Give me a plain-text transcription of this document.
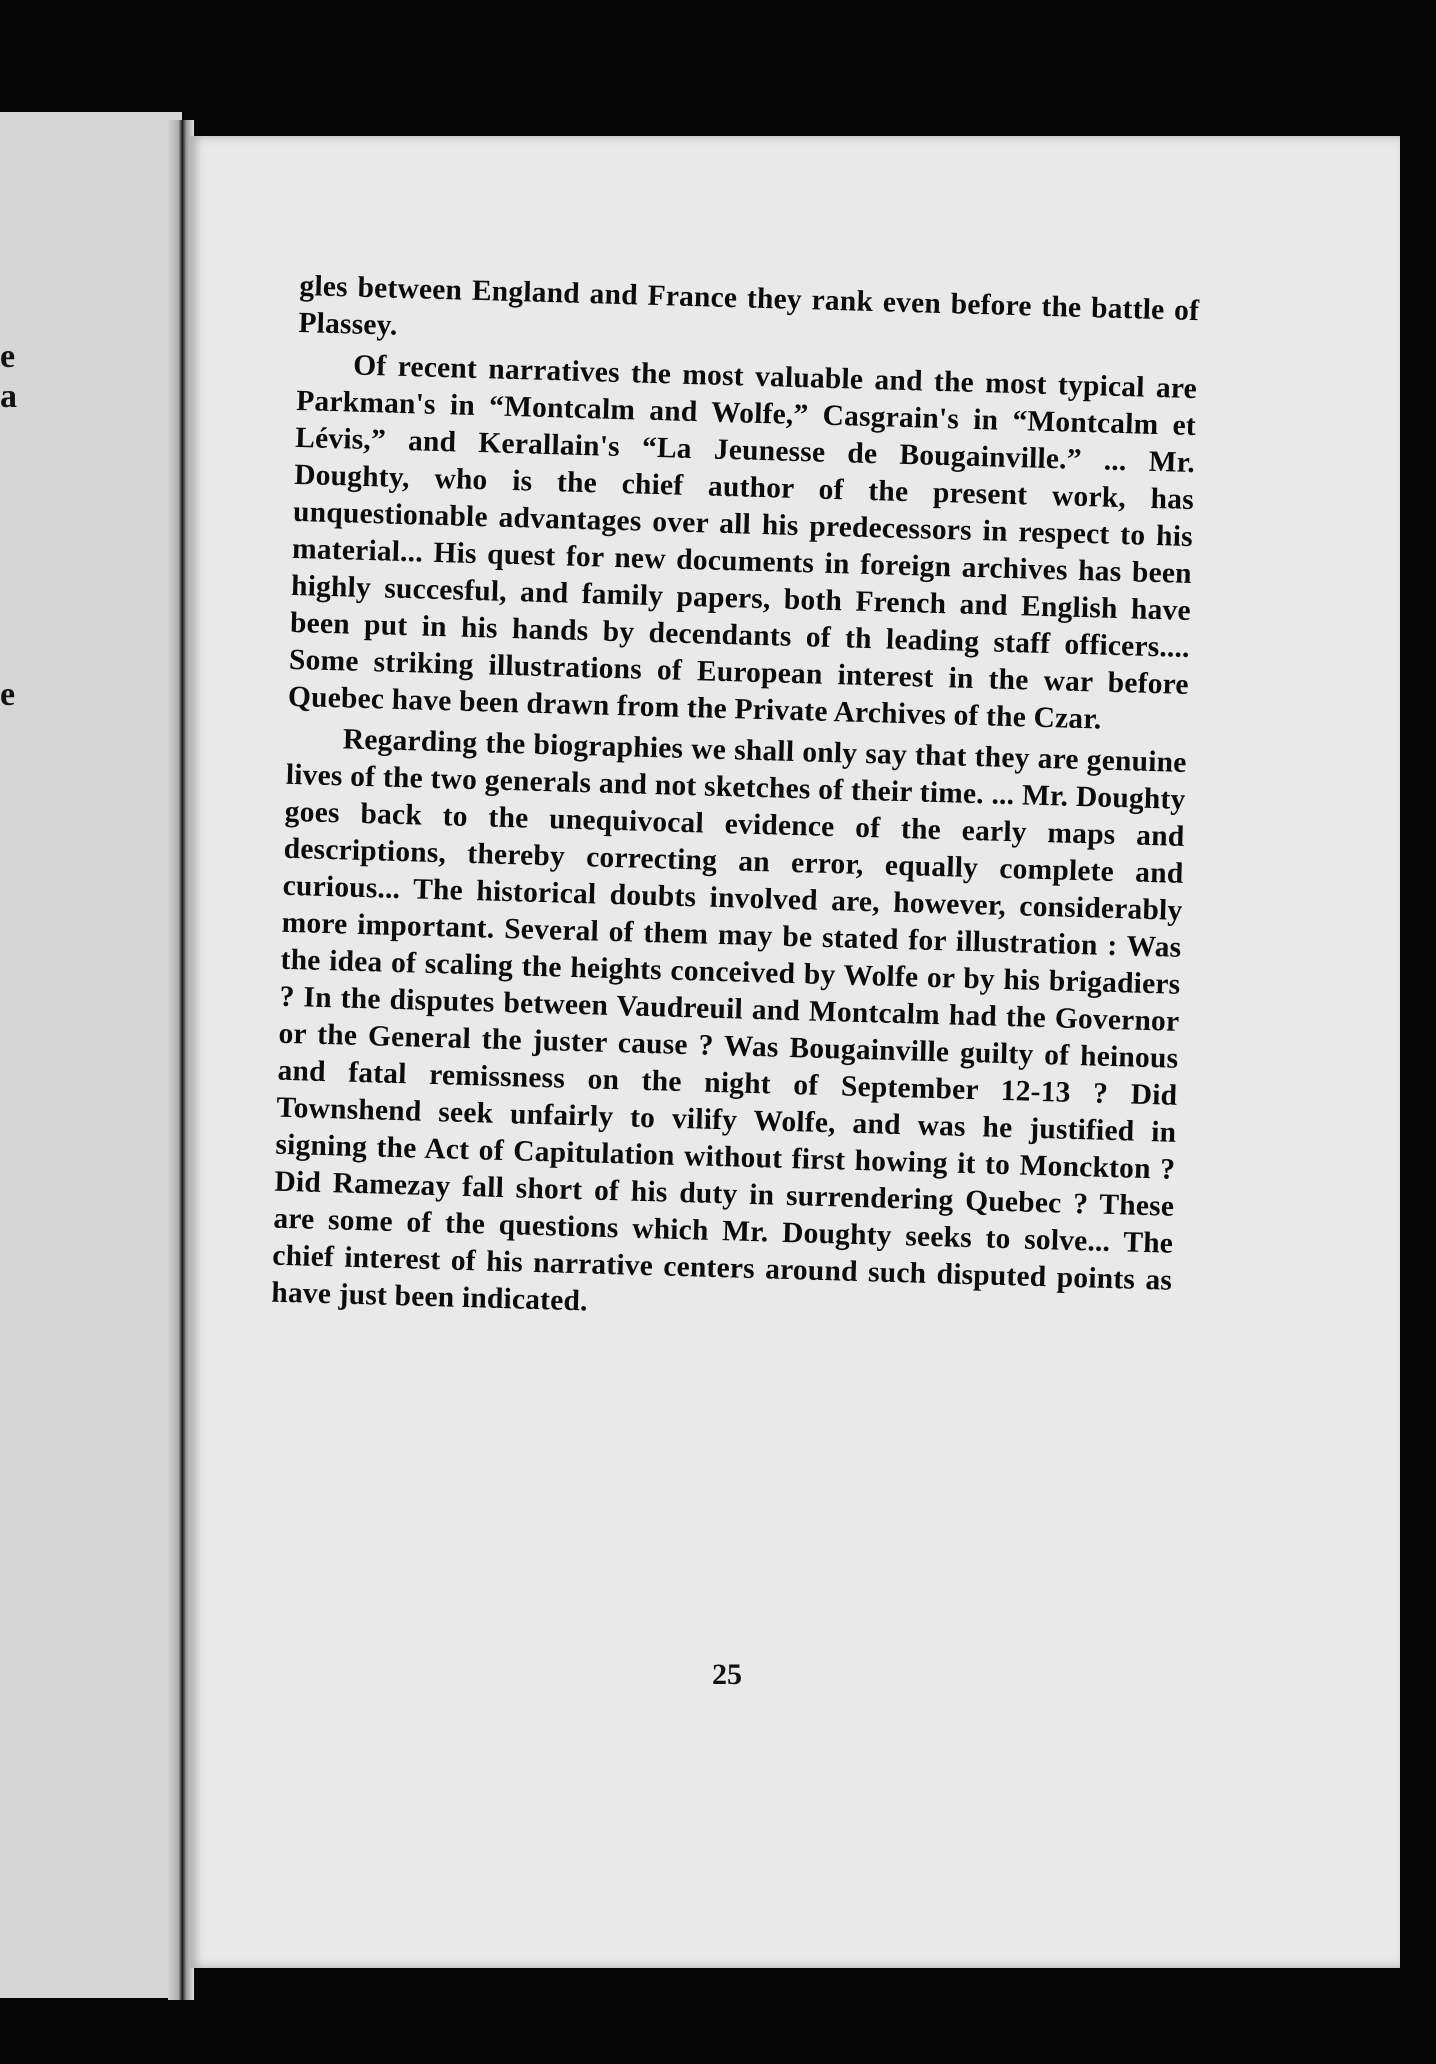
e
a
e

gles between England and France they rank even before the battle of Plassey.

Of recent narratives the most valuable and the most typical are Parkman's in “Montcalm and Wolfe,” Casgrain's in “Montcalm et Lévis,” and Kerallain's “La Jeunesse de Bougainville.” ... Mr. Doughty, who is the chief author of the present work, has unquestionable advantages over all his predecessors in respect to his material... His quest for new documents in foreign archives has been highly succesful, and family papers, both French and English have been put in his hands by decendants of th leading staff officers.... Some striking illustrations of European interest in the war before Quebec have been drawn from the Private Archives of the Czar.

Regarding the biographies we shall only say that they are genuine lives of the two generals and not sketches of their time. ... Mr. Doughty goes back to the unequivocal evidence of the early maps and descriptions, thereby correcting an error, equally complete and curious... The historical doubts involved are, however, considerably more important. Several of them may be stated for illustration : Was the idea of scaling the heights conceived by Wolfe or by his brigadiers ? In the disputes between Vaudreuil and Montcalm had the Governor or the General the juster cause ? Was Bougainville guilty of heinous and fatal remissness on the night of September 12-13 ? Did Townshend seek unfairly to vilify Wolfe, and was he justified in signing the Act of Capitulation without first howing it to Monckton ? Did Ramezay fall short of his duty in surrendering Quebec ? These are some of the questions which Mr. Doughty seeks to solve... The chief interest of his narrative centers around such disputed points as have just been indicated.

25
